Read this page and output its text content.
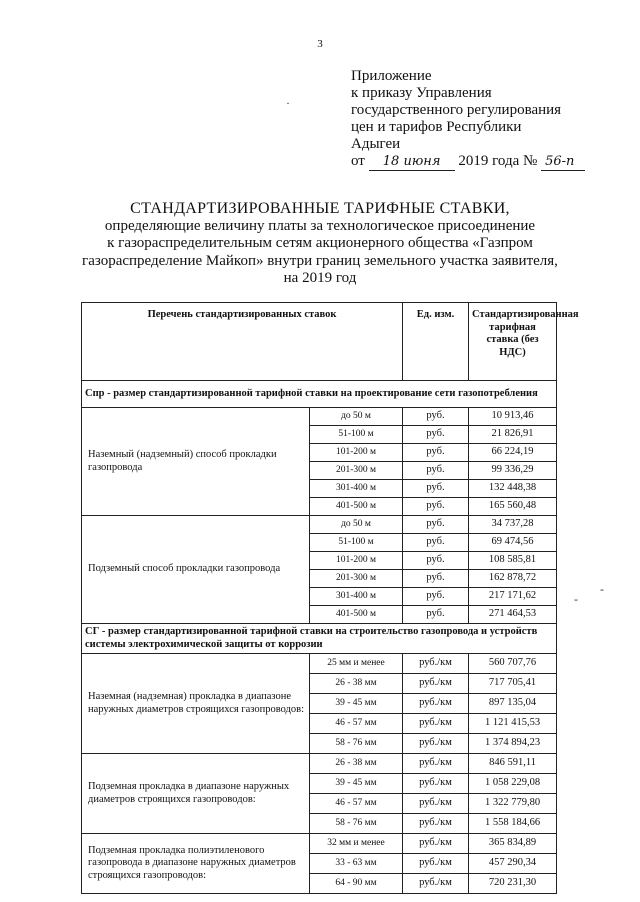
3
Приложение
к приказу Управления
государственного регулирования
цен и тарифов Республики
Адыгеи
от 18 июня 2019 года № 56-п
·
-
-
СТАНДАРТИЗИРОВАННЫЕ ТАРИФНЫЕ СТАВКИ,
определяющие величину платы за технологическое присоединение
к газораспределительным сетям акционерного общества «Газпром
газораспределение Майкоп» внутри границ земельного участка заявителя,
на 2019 год
Перечень стандартизированных ставок		Ед. изм.	Стандартизированная тарифная ставка (без НДС)
Спр - размер стандартизированной тарифной ставки на проектирование сети газопотребления			
Наземный (надземный) способ прокладки газопровода	до 50 м	руб.	10 913,46
	51-100 м	руб.	21 826,91
	101-200 м	руб.	66 224,19
	201-300 м	руб.	99 336,29
	301-400 м	руб.	132 448,38
	401-500 м	руб.	165 560,48
Подземный способ прокладки газопровода	до 50 м	руб.	34 737,28
	51-100 м	руб.	69 474,56
	101-200 м	руб.	108 585,81
	201-300 м	руб.	162 878,72
	301-400 м	руб.	217 171,62
	401-500 м	руб.	271 464,53
СГ - размер стандартизированной тарифной ставки на строительство газопровода и устройств системы электрохимической защиты от коррозии			
Наземная (надземная) прокладка в диапазоне наружных диаметров строящихся газопроводов:	25 мм и менее	руб./км	560 707,76
	26 - 38 мм	руб./км	717 705,41
	39 - 45 мм	руб./км	897 135,04
	46 - 57 мм	руб./км	1 121 415,53
	58 - 76 мм	руб./км	1 374 894,23
Подземная прокладка в диапазоне наружных диаметров строящихся газопроводов:	26 - 38 мм	руб./км	846 591,11
	39 - 45 мм	руб./км	1 058 229,08
	46 - 57 мм	руб./км	1 322 779,80
	58 - 76 мм	руб./км	1 558 184,66
Подземная прокладка полиэтиленового газопровода в диапазоне наружных диаметров строящихся газопроводов:	32 мм и менее	руб./км	365 834,89
	33 - 63 мм	руб./км	457 290,34
	64 - 90 мм	руб./км	720 231,30
